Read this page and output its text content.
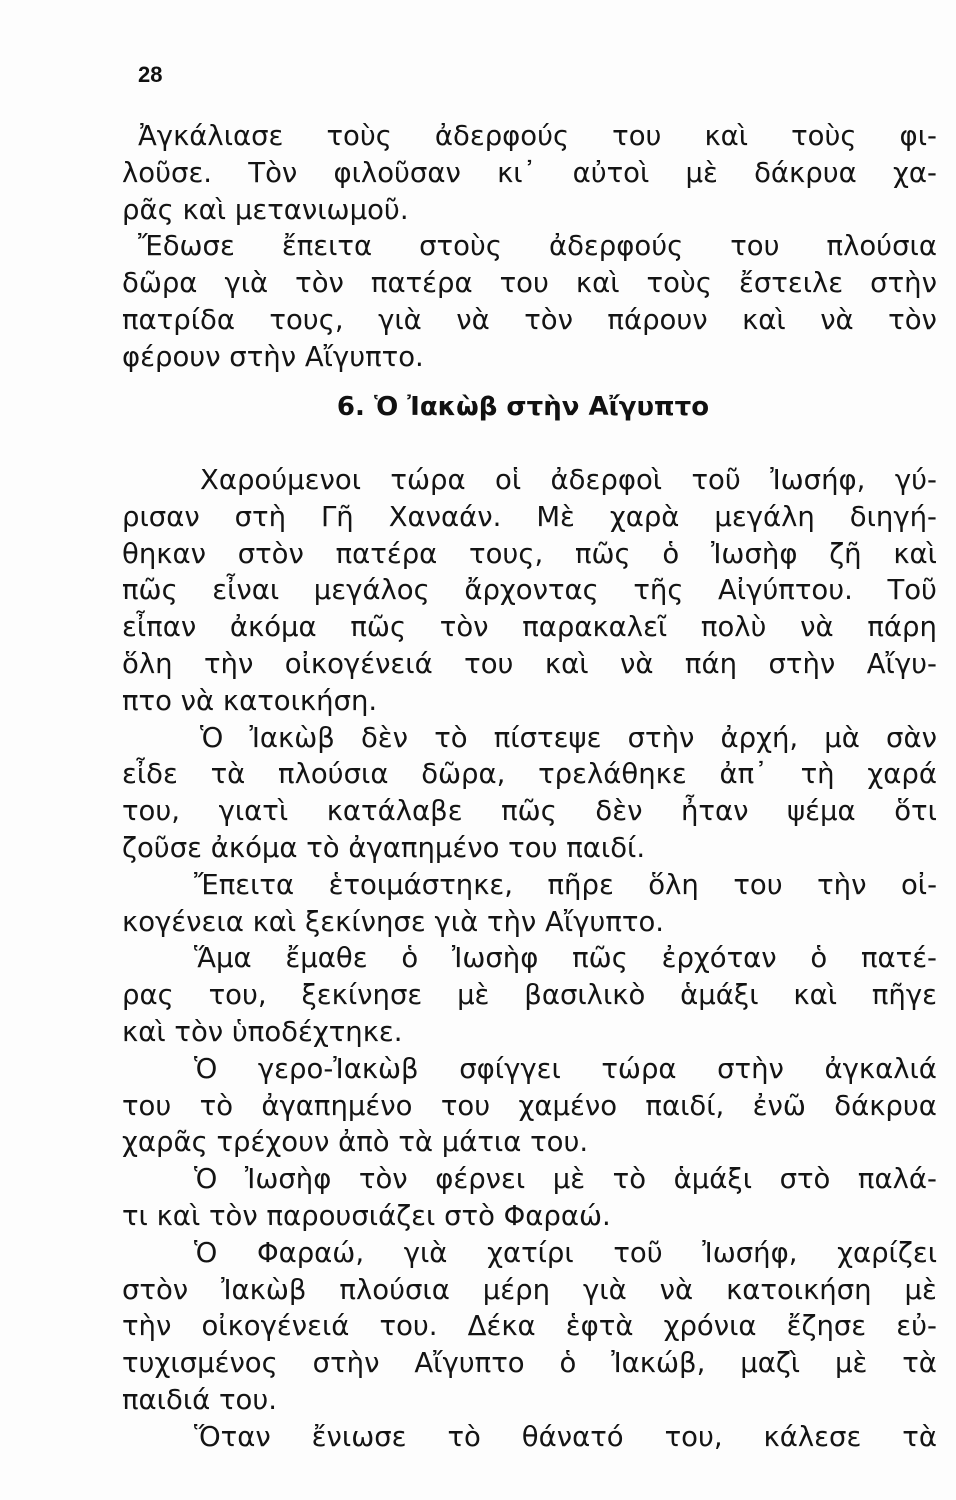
28
Ἀγκάλιασε τοὺς ἀδερφούς του καὶ τοὺς φι-
λοῦσε. Τὸν φιλοῦσαν κι᾽ αὐτοὶ μὲ δάκρυα χα-
ρᾶς καὶ μετανιωμοῦ.
Ἔδωσε ἔπειτα στοὺς ἀδερφούς του πλούσια
δῶρα γιὰ τὸν πατέρα του καὶ τοὺς ἔστειλε στὴν
πατρίδα τους, γιὰ νὰ τὸν πάρουν καὶ νὰ τὸν
φέρουν στὴν Αἴγυπτο.
6. Ὁ Ἰακὼβ στὴν Αἴγυπτο
Χαρούμενοι τώρα οἱ ἀδερφοὶ τοῦ Ἰωσήφ, γύ-
ρισαν στὴ Γῆ Χαναάν. Μὲ χαρὰ μεγάλη διηγή-
θηκαν στὸν πατέρα τους, πῶς ὁ Ἰωσὴφ ζῆ καὶ
πῶς εἶναι μεγάλος ἄρχοντας τῆς Αἰγύπτου. Τοῦ
εἶπαν ἀκόμα πῶς τὸν παρακαλεῖ πολὺ νὰ πάρη
ὅλη τὴν οἰκογένειά του καὶ νὰ πάη στὴν Αἴγυ-
πτο νὰ κατοικήση.
Ὁ Ἰακὼβ δὲν τὸ πίστεψε στὴν ἀρχή, μὰ σὰν
εἶδε τὰ πλούσια δῶρα, τρελάθηκε ἀπ᾽ τὴ χαρά
του, γιατὶ κατάλαβε πῶς δὲν ἦταν ψέμα ὅτι
ζοῦσε ἀκόμα τὸ ἀγαπημένο του παιδί.
Ἔπειτα ἑτοιμάστηκε, πῆρε ὅλη του τὴν οἰ-
κογένεια καὶ ξεκίνησε γιὰ τὴν Αἴγυπτο.
Ἅμα ἔμαθε ὁ Ἰωσὴφ πῶς ἐρχόταν ὁ πατέ-
ρας του, ξεκίνησε μὲ βασιλικὸ ἁμάξι καὶ πῆγε
καὶ τὸν ὑποδέχτηκε.
Ὁ γερο-Ἰακὼβ σφίγγει τώρα στὴν ἀγκαλιά
του τὸ ἀγαπημένο του χαμένο παιδί, ἐνῶ δάκρυα
χαρᾶς τρέχουν ἀπὸ τὰ μάτια του.
Ὁ Ἰωσὴφ τὸν φέρνει μὲ τὸ ἁμάξι στὸ παλά-
τι καὶ τὸν παρουσιάζει στὸ Φαραώ.
Ὁ Φαραώ, γιὰ χατίρι τοῦ Ἰωσήφ, χαρίζει
στὸν Ἰακὼβ πλούσια μέρη γιὰ νὰ κατοικήση μὲ
τὴν οἰκογένειά του. Δέκα ἑφτὰ χρόνια ἔζησε εὐ-
τυχισμένος στὴν Αἴγυπτο ὁ Ἰακώβ, μαζὶ μὲ τὰ
παιδιά του.
Ὅταν ἔνιωσε τὸ θάνατό του, κάλεσε τὰ
